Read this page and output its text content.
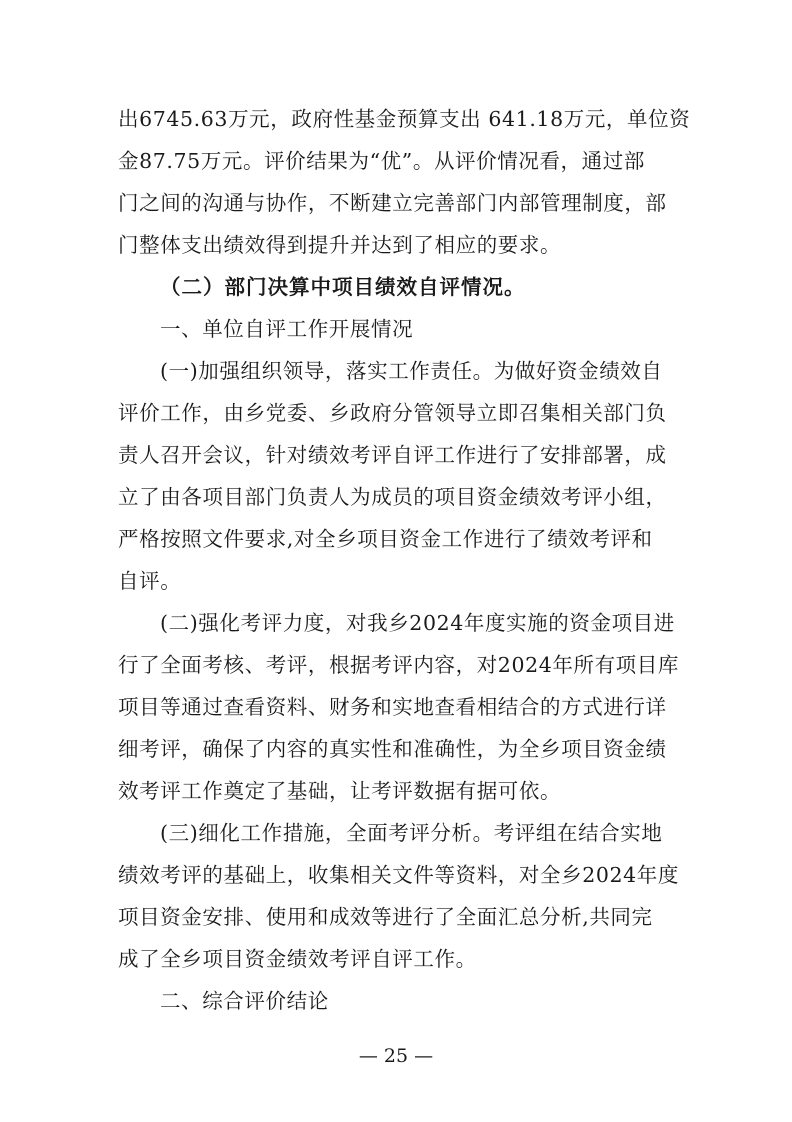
出6745.63万元，政府性基金预算支出 641.18万元，单位资
金87.75万元。评价结果为“优”。从评价情况看，通过部
门之间的沟通与协作，不断建立完善部门内部管理制度，部
门整体支出绩效得到提升并达到了相应的要求。
（二）部门决算中项目绩效自评情况。
一、单位自评工作开展情况
(一)加强组织领导，落实工作责任。为做好资金绩效自
评价工作，由乡党委、乡政府分管领导立即召集相关部门负
责人召开会议，针对绩效考评自评工作进行了安排部署，成
立了由各项目部门负责人为成员的项目资金绩效考评小组，
严格按照文件要求,对全乡项目资金工作进行了绩效考评和
自评。
(二)强化考评力度，对我乡2024年度实施的资金项目进
行了全面考核、考评，根据考评内容，对2024年所有项目库
项目等通过查看资料、财务和实地查看相结合的方式进行详
细考评，确保了内容的真实性和准确性，为全乡项目资金绩
效考评工作奠定了基础，让考评数据有据可依。
(三)细化工作措施，全面考评分析。考评组在结合实地
绩效考评的基础上，收集相关文件等资料，对全乡2024年度
项目资金安排、使用和成效等进行了全面汇总分析,共同完
成了全乡项目资金绩效考评自评工作。
二、综合评价结论
— 25 —
